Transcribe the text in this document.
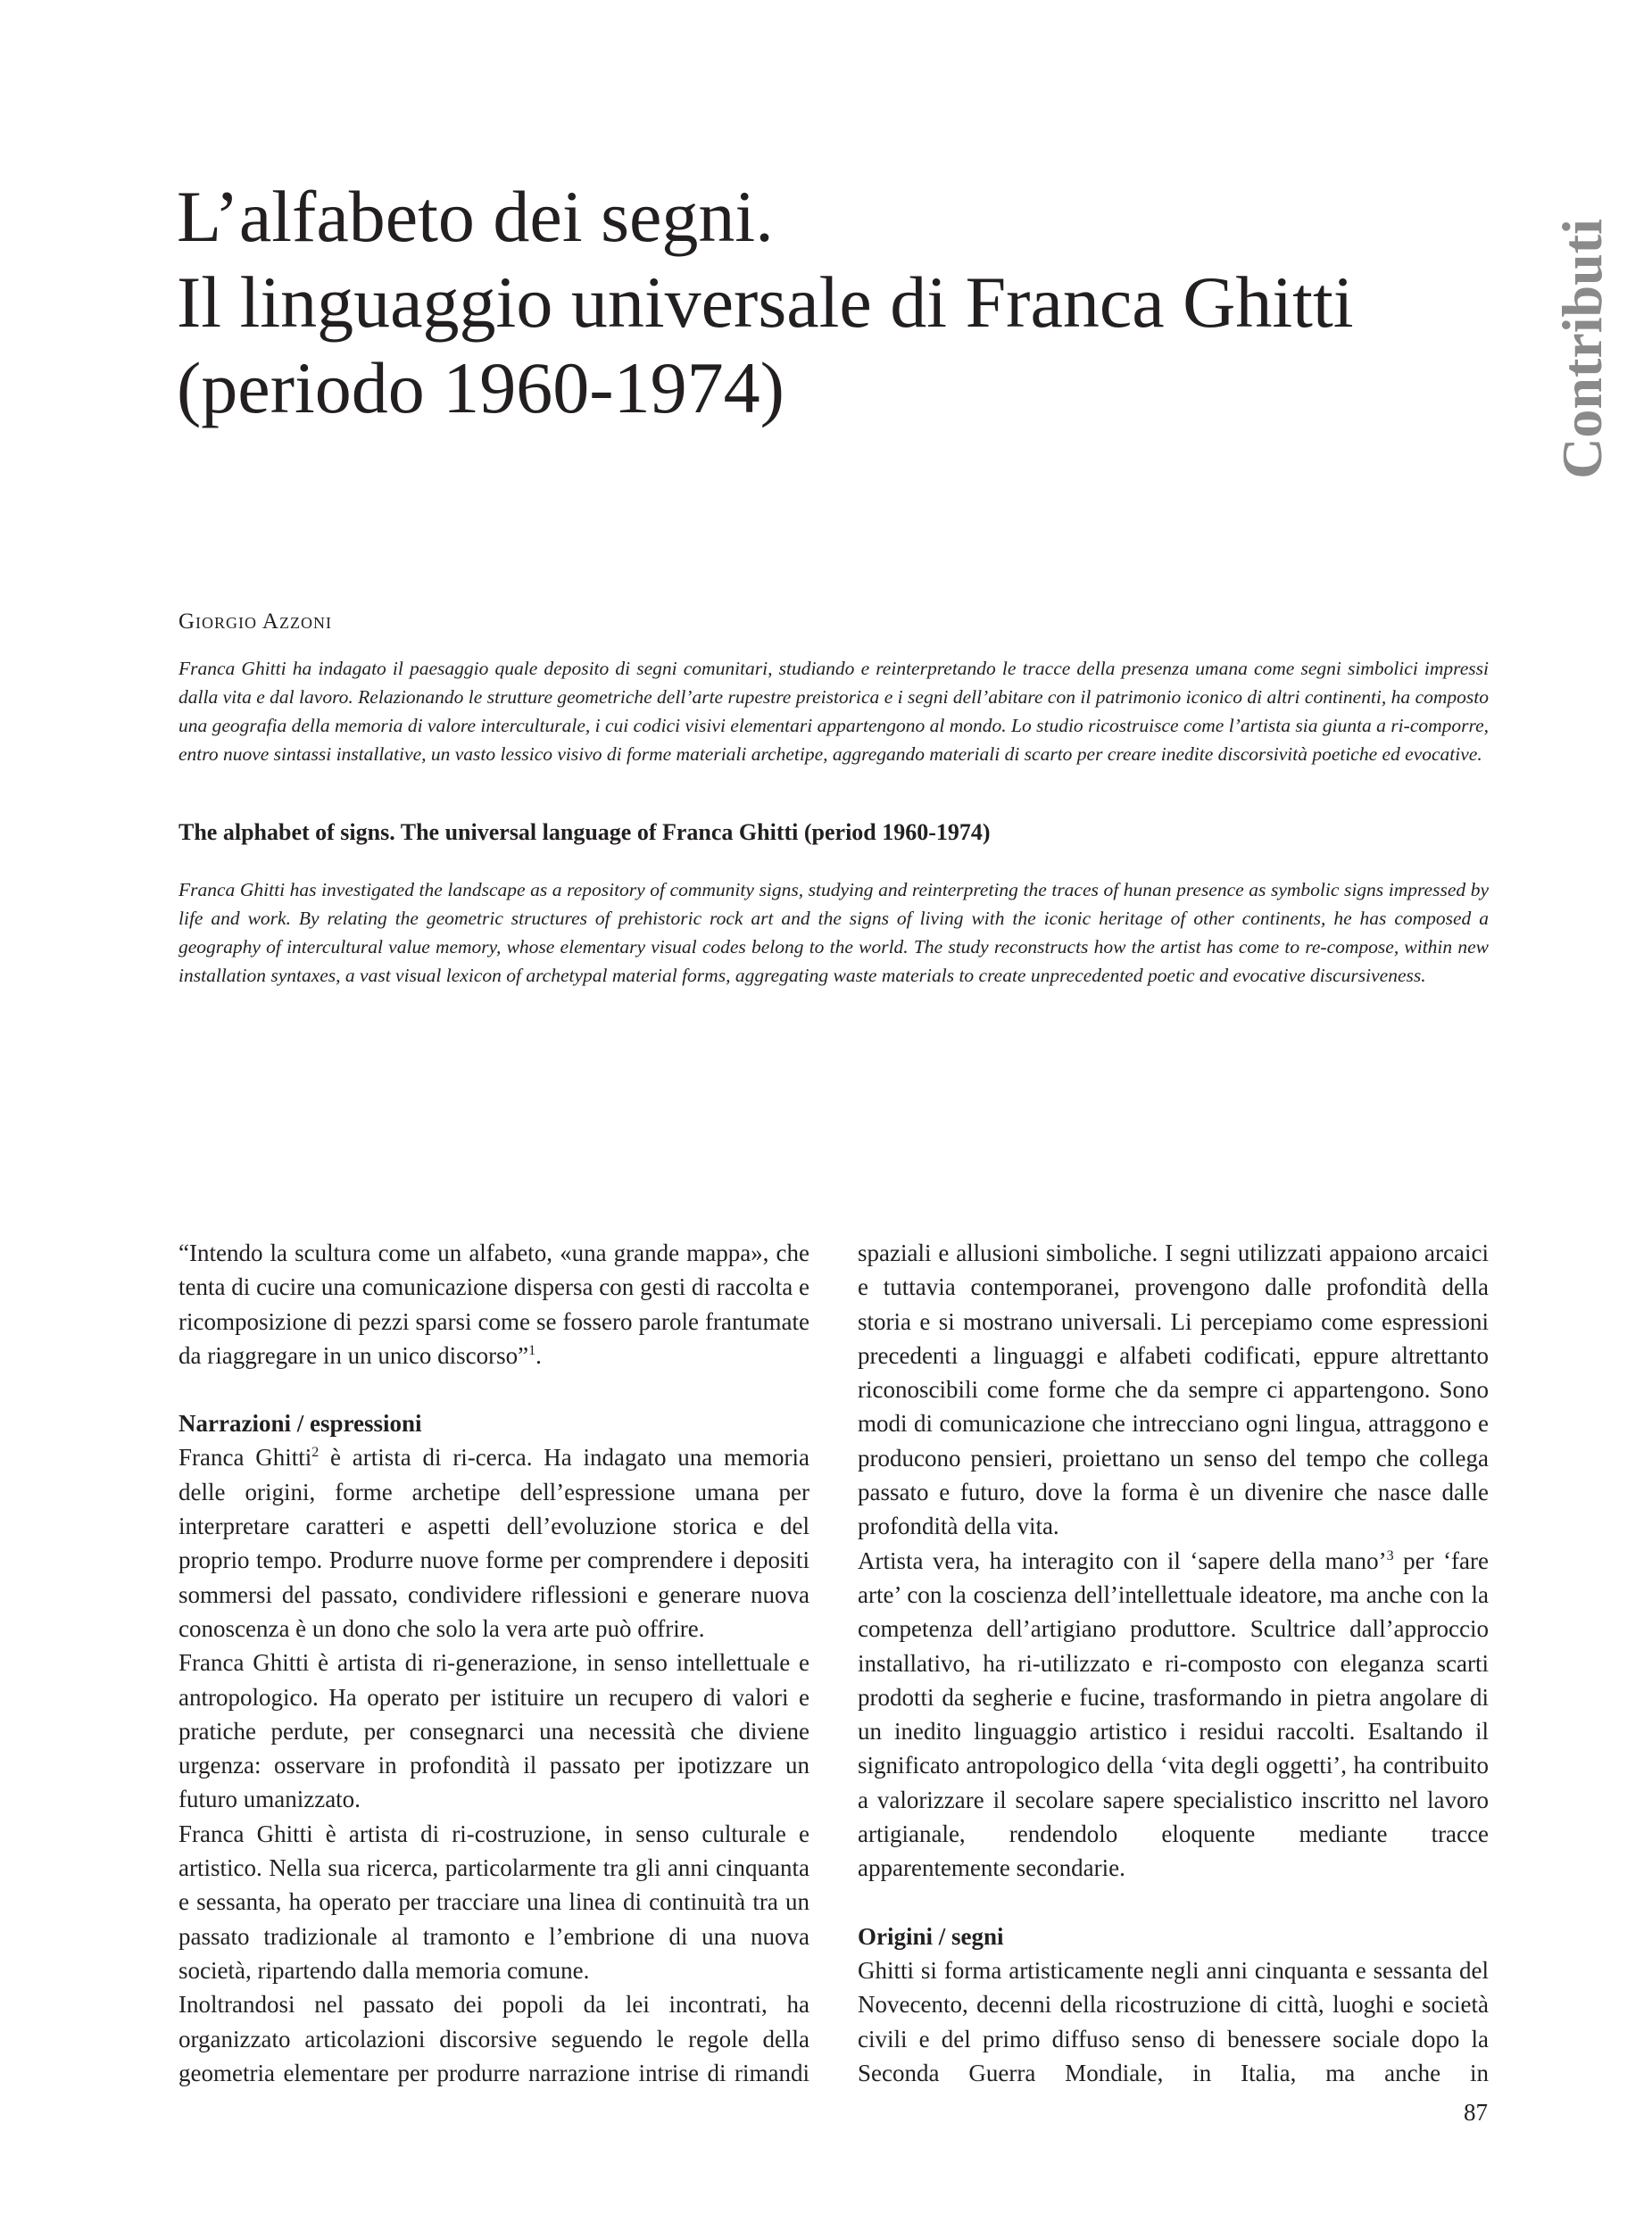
L’alfabeto dei segni.
Il linguaggio universale di Franca Ghitti
(periodo 1960-1974)	Contributi
Giorgio Azzoni

Franca Ghitti ha indagato il paesaggio quale deposito di segni comunitari, studiando e reinterpretando le tracce della presenza umana come segni simbolici impressi dalla vita e dal lavoro. Relazionando le strutture geometriche dell’arte rupestre preistorica e i segni dell’abitare con il patrimonio iconico di altri continenti, ha composto una geografia della memoria di valore interculturale, i cui codici visivi elementari appartengono al mondo. Lo studio ricostruisce come l’artista sia giunta a ri-comporre, entro nuove sintassi installative, un vasto lessico visivo di forme materiali archetipe, aggregando materiali di scarto per creare inedite discorsività poetiche ed evocative.

The alphabet of signs. The universal language of Franca Ghitti (period 1960-1974)

Franca Ghitti has investigated the landscape as a repository of community signs, studying and reinterpreting the traces of hunan presence as symbolic signs impressed by life and work. By relating the geometric structures of prehistoric rock art and the signs of living with the iconic heritage of other continents, he has composed a geography of intercultural value memory, whose elementary visual codes belong to the world. The study reconstructs how the artist has come to re-compose, within new installation syntaxes, a vast visual lexicon of archetypal material forms, aggregating waste materials to create unprecedented poetic and evocative discursiveness.

“Intendo la scultura come un alfabeto, «una grande mappa», che tenta di cucire una comunicazione dispersa con gesti di raccolta e ricomposizione di pezzi sparsi come se fossero parole frantumate da riaggregare in un unico discorso”$^1$.

Narrazioni / espressioni

Franca Ghitti$^2$ è artista di ri-cerca. Ha indagato una memoria delle origini, forme archetipe dell’espressione umana per interpretare caratteri e aspetti dell’evoluzione storica e del proprio tempo. Produrre nuove forme per comprendere i depositi sommersi del passato, condividere riflessioni e generare nuova conoscenza è un dono che solo la vera arte può offrire.

Franca Ghitti è artista di ri-generazione, in senso intellettuale e antropologico. Ha operato per istituire un recupero di valori e pratiche perdute, per consegnarci una necessità che diviene urgenza: osservare in profondità il passato per ipotizzare un futuro umanizzato.

Franca Ghitti è artista di ri-costruzione, in senso culturale e artistico. Nella sua ricerca, particolarmente tra gli anni cinquanta e sessanta, ha operato per tracciare una linea di continuità tra un passato tradizionale al tramonto e l’embrione di una nuova società, ripartendo dalla memoria comune.

Inoltrandosi nel passato dei popoli da lei incontrati, ha organizzato articolazioni discorsive seguendo le regole della geometria elementare per produrre narrazione intrise di rimandi

spaziali e allusioni simboliche. I segni utilizzati appaiono arcaici e tuttavia contemporanei, provengono dalle profondità della storia e si mostrano universali. Li percepiamo come espressioni precedenti a linguaggi e alfabeti codificati, eppure altrettanto riconoscibili come forme che da sempre ci appartengono. Sono modi di comunicazione che intrecciano ogni lingua, attraggono e producono pensieri, proiettano un senso del tempo che collega passato e futuro, dove la forma è un divenire che nasce dalle profondità della vita.

Artista vera, ha interagito con il ‘sapere della mano’$^3$ per ‘fare arte’ con la coscienza dell’intellettuale ideatore, ma anche con la competenza dell’artigiano produttore. Scultrice dall’approccio installativo, ha ri-utilizzato e ri-composto con eleganza scarti prodotti da segherie e fucine, trasformando in pietra angolare di un inedito linguaggio artistico i residui raccolti. Esaltando il significato antropologico della ‘vita degli oggetti’, ha contribuito a valorizzare il secolare sapere specialistico inscritto nel lavoro artigianale, rendendolo eloquente mediante tracce apparentemente secondarie.

Origini / segni

Ghitti si forma artisticamente negli anni cinquanta e sessanta del Novecento, decenni della ricostruzione di città, luoghi e società civili e del primo diffuso senso di benessere sociale dopo la Seconda Guerra Mondiale, in Italia, ma anche in

87
